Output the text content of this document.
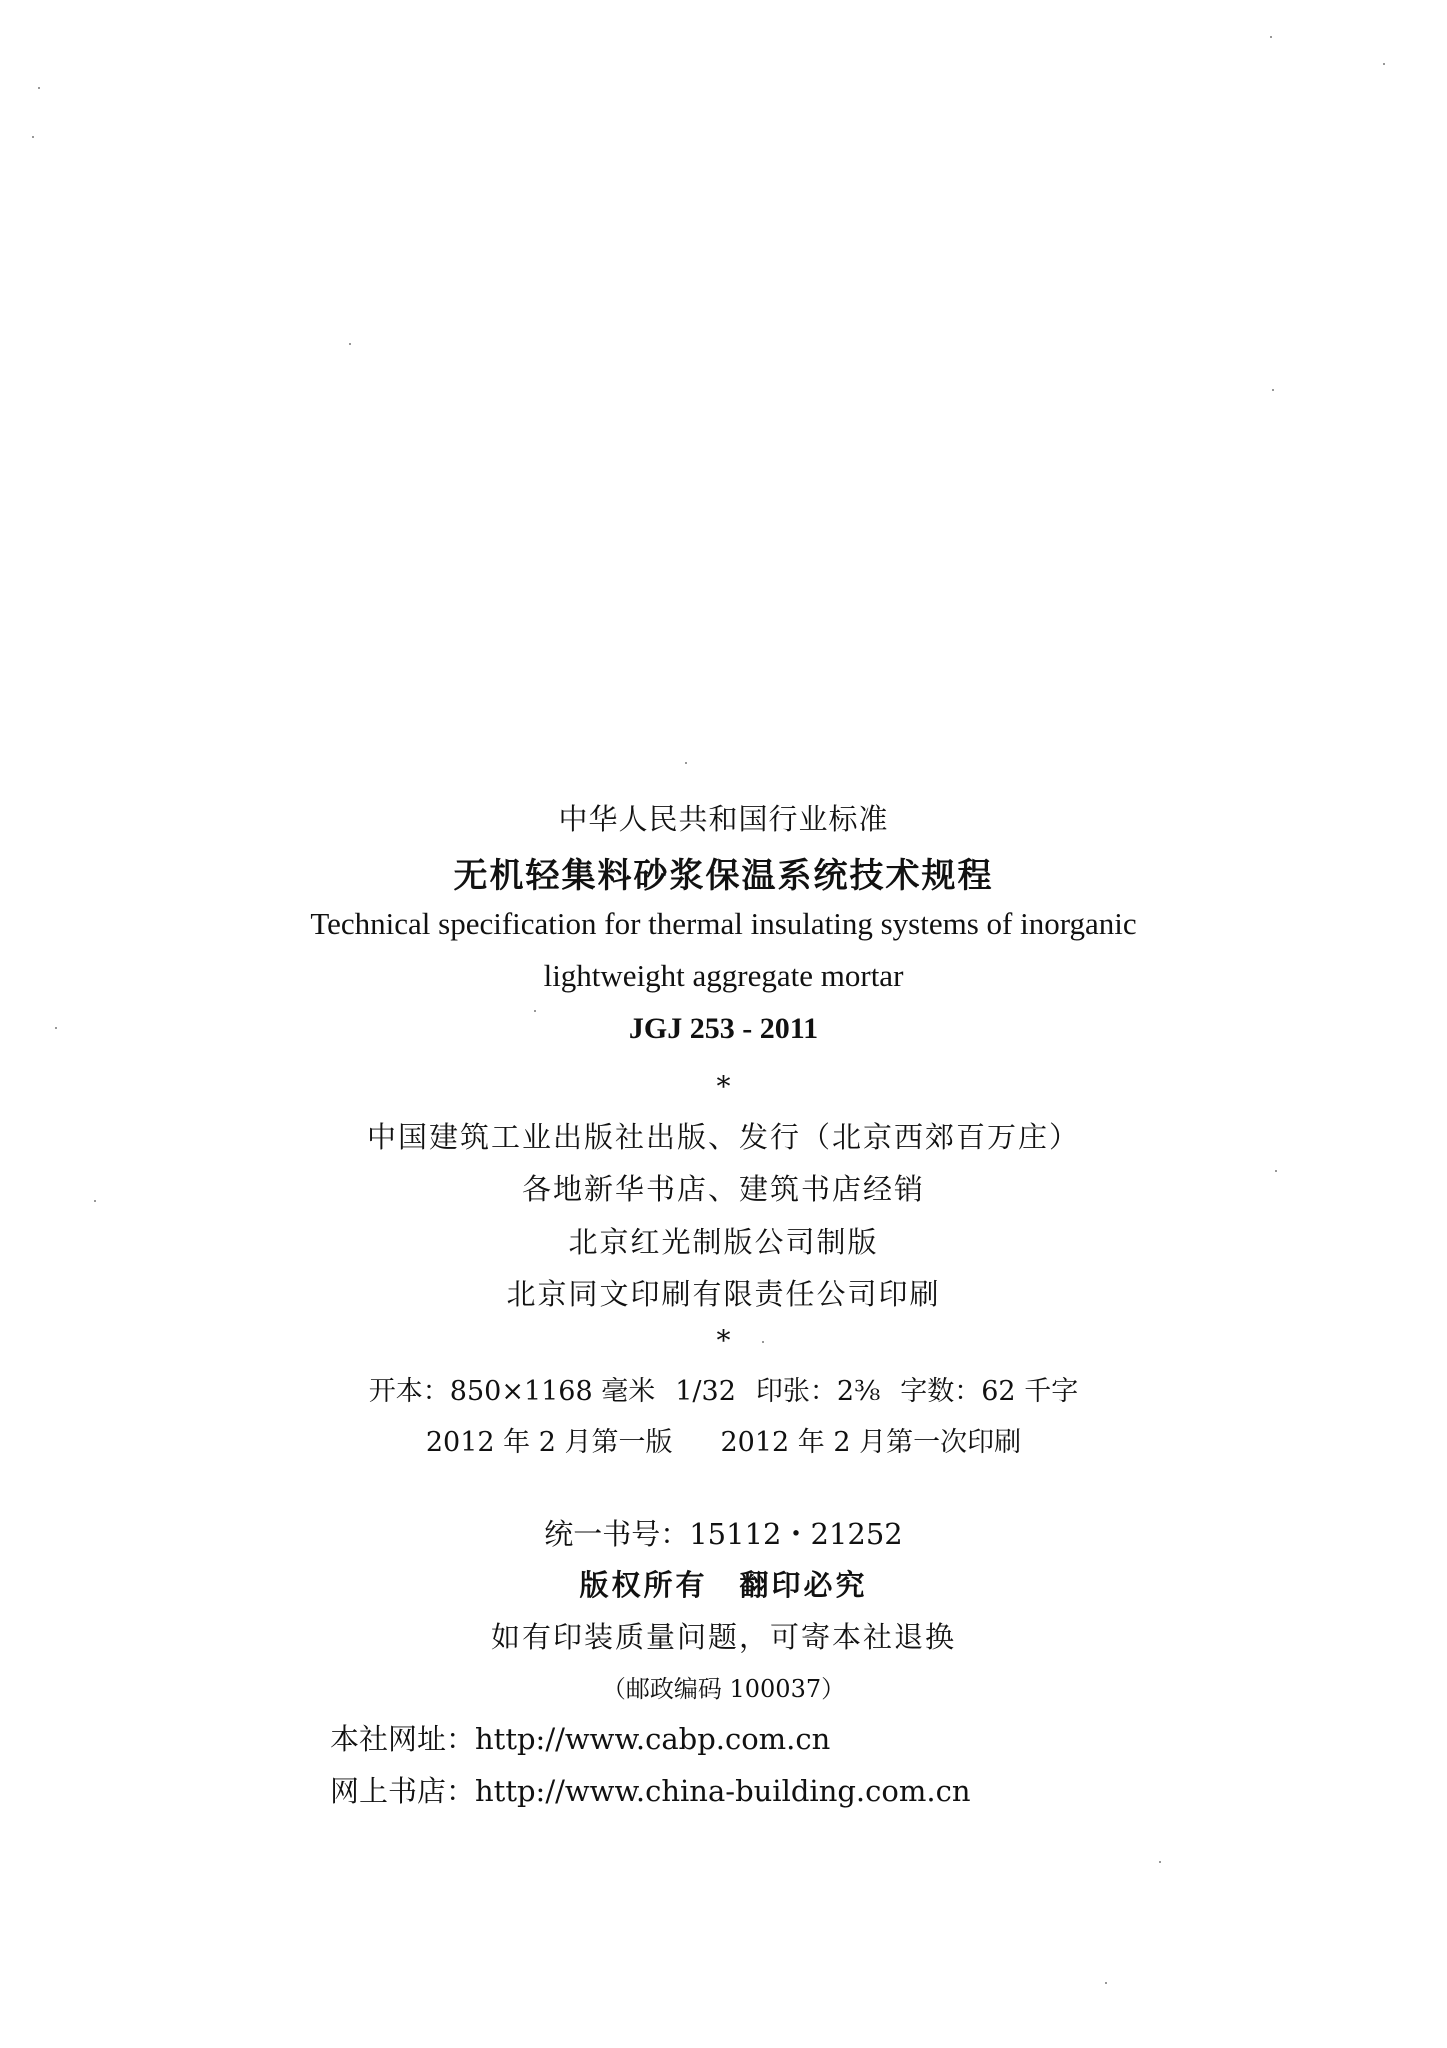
中华人民共和国行业标准
无机轻集料砂浆保温系统技术规程
Technical specification for thermal insulating systems of inorganic
lightweight aggregate mortar
JGJ 253 - 2011
*
中国建筑工业出版社出版、发行（北京西郊百万庄）
各地新华书店、建筑书店经销
北京红光制版公司制版
北京同文印刷有限责任公司印刷
*
开本：850×1168 毫米 1/32 印张：2⅜ 字数：62 千字
2012 年 2 月第一版 2012 年 2 月第一次印刷
统一书号：15112・21252
版权所有　翻印必究
如有印装质量问题，可寄本社退换
（邮政编码 100037）
本社网址：http://www.cabp.com.cn
网上书店：http://www.china-building.com.cn
